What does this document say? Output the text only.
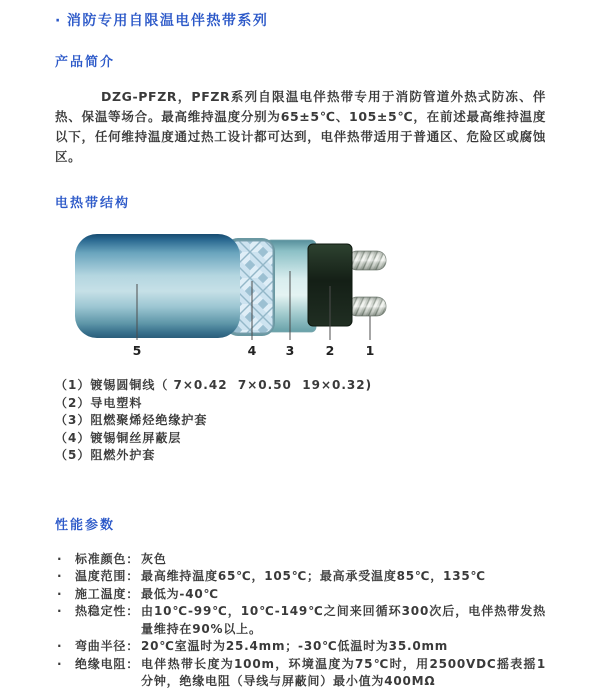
· 消防专用自限温电伴热带系列
产品简介

DZG-PFZR，PFZR系列自限温电伴热带专用于消防管道外热式防冻、伴热、保温等场合。最高维持温度分别为65±5℃、105±5℃，在前述最高维持温度以下，任何维持温度通过热工设计都可达到，电伴热带适用于普通区、危险区或腐蚀区。

电热带结构
5	4 3	2	1
（1）镀锡圆铜线（ 7×0.42  7×0.50  19×0.32)
（2）导电塑料
（3）阻燃聚烯烃绝缘护套
（4）镀锡铜丝屏蔽层
（5）阻燃外护套
性能参数
·	标准颜色： 灰色
·	温度范围： 最高维持温度65℃，105℃；最高承受温度85℃，135℃
·	施工温度： 最低为-40℃
·	热稳定性： 由10℃-99℃，10℃-149℃之间来回循环300次后，电伴热带发热量维持在90%以上。
·	弯曲半径： 20℃室温时为25.4mm；-30℃低温时为35.0mm
·	绝缘电阻： 电伴热带长度为100m，环境温度为75℃时，用2500VDC摇表摇1分钟，绝缘电阻（导线与屏蔽间）最小值为400MΩ
